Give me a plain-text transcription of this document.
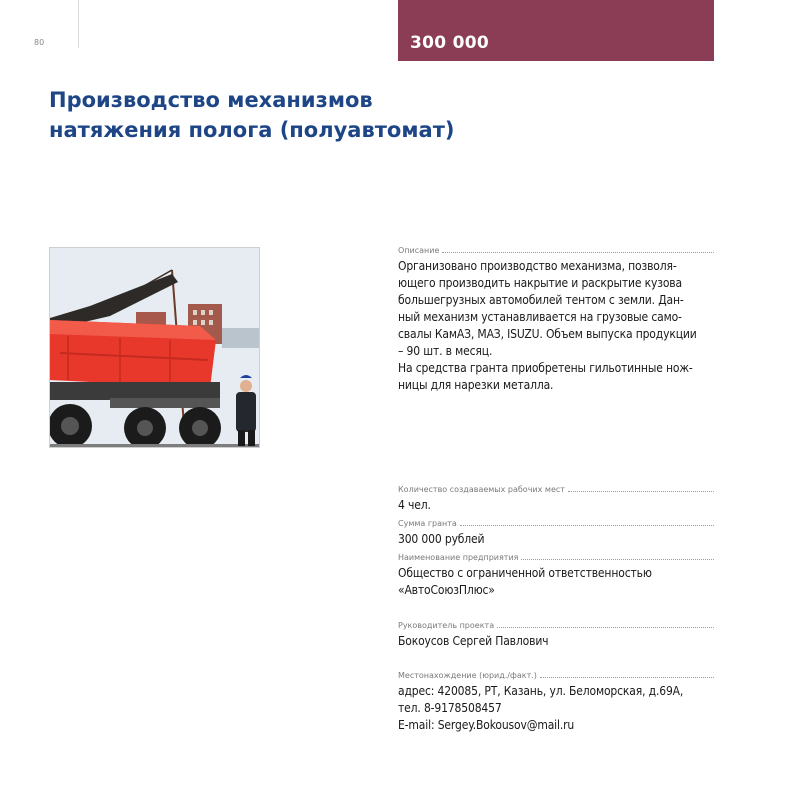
80	300 000
Производство механизмов
натяжения полога (полуавтомат)
Описание
Организовано производство механизма, позволя-
ющего производить накрытие и раскрытие кузова
большегрузных автомобилей тентом с земли. Дан-
ный механизм устанавливается на грузовые само-
свалы КамАЗ, МАЗ, ISUZU. Объем выпуска продукции
– 90 шт. в месяц.
На средства гранта приобретены гильотинные нож-
ницы для нарезки металла.
Количество создаваемых рабочих мест
4 чел.
Сумма гранта
300 000 рублей
Наименование предприятия
Общество с ограниченной ответственностью
«АвтоСоюзПлюс»
Руководитель проекта
Бокоусов Сергей Павлович
Местонахождение (юрид./факт.)
адрес: 420085, РТ, Казань, ул. Беломорская, д.69А,
тел. 8-9178508457
E-mail: Sergey.Bokousov@mail.ru
